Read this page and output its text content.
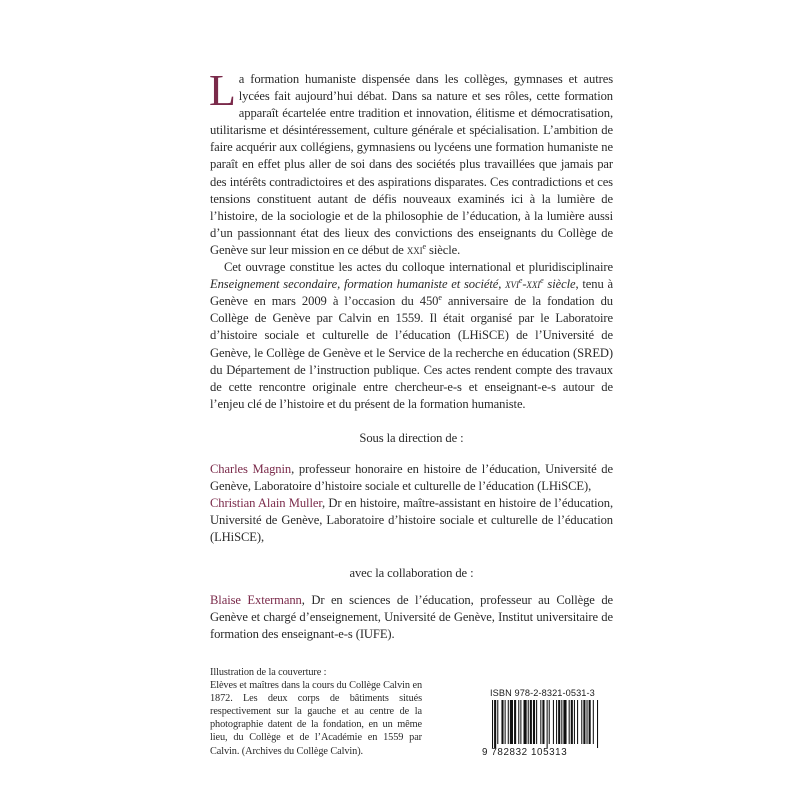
La formation humaniste dispensée dans les collèges, gymnases et autres lycées fait aujourd’hui débat. Dans sa nature et ses rôles, cette formation apparaît écartelée entre tradition et innovation, élitisme et démocratisation, utilitarisme et désintéressement, culture générale et spécialisation. L’ambition de faire acquérir aux collégiens, gymnasiens ou lycéens une formation humaniste ne paraît en effet plus aller de soi dans des sociétés plus travaillées que jamais par des intérêts contradictoires et des aspirations disparates. Ces contradictions et ces tensions constituent autant de défis nouveaux examinés ici à la lumière de l’histoire, de la sociologie et de la philosophie de l’éducation, à la lumière aussi d’un passionnant état des lieux des convictions des enseignants du Collège de Genève sur leur mission en ce début de xxi$^e$ siècle.

Cet ouvrage constitue les actes du colloque international et pluridisciplinaire Enseignement secondaire, formation humaniste et société, xvi$^e$-xxi$^e$ siècle, tenu à Genève en mars 2009 à l’occasion du 450e anniversaire de la fondation du Collège de Genève par Calvin en 1559. Il était organisé par le Laboratoire d’histoire sociale et culturelle de l’éducation (LHiSCE) de l’Université de Genève, le Collège de Genève et le Service de la recherche en éducation (SRED) du Département de l’instruction publique. Ces actes rendent compte des travaux de cette rencontre originale entre chercheur-e-s et enseignant-e-s autour de l’enjeu clé de l’histoire et du présent de la formation humaniste.

Sous la direction de :

Charles Magnin, professeur honoraire en histoire de l’éducation, Université de Genève, Laboratoire d’histoire sociale et culturelle de l’éducation (LHiSCE),

Christian Alain Muller, Dr en histoire, maître-assistant en histoire de l’éducation, Université de Genève, Laboratoire d’histoire sociale et culturelle de l’éducation (LHiSCE),

avec la collaboration de :

Blaise Extermann, Dr en sciences de l’éducation, professeur au Collège de Genève et chargé d’enseignement, Université de Genève, Institut universitaire de formation des enseignant-e-s (IUFE).

Illustration de la couverture :

Elèves et maîtres dans la cours du Collège Calvin en 1872. Les deux corps de bâtiments situés respectivement sur la gauche et au centre de la photographie datent de la fondation, en un même lieu, du Collège et de l’Académie en 1559 par Calvin. (Archives du Collège Calvin).

ISBN 978-2-8321-0531-3
9 782832 105313
